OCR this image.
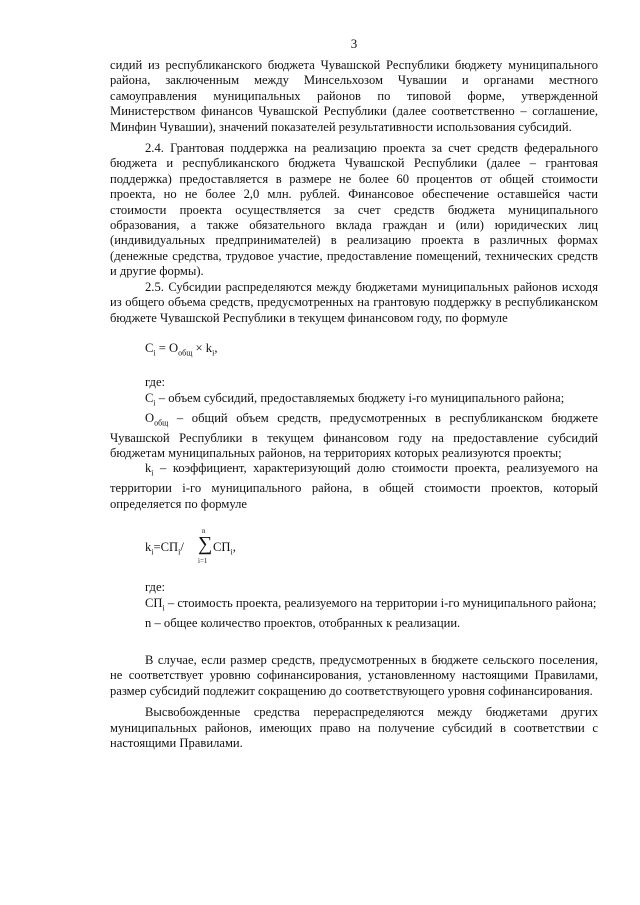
3

сидий из республиканского бюджета Чувашской Республики бюджету муниципального района, заключенным между Минсельхозом Чувашии и органами местного самоуправления муниципальных районов по типовой форме, утвержденной Министерством финансов Чувашской Республики (далее соответственно – соглашение, Минфин Чувашии), значений показателей результативности использования субсидий.

2.4. Грантовая поддержка на реализацию проекта за счет средств федерального бюджета и республиканского бюджета Чувашской Республики (далее – грантовая поддержка) предоставляется в размере не более 60 процентов от общей стоимости проекта, но не более 2,0 млн. рублей. Финансовое обеспечение оставшейся части стоимости проекта осуществляется за счет средств бюджета муниципального образования, а также обязательного вклада граждан и (или) юридических лиц (индивидуальных предпринимателей) в реализацию проекта в различных формах (денежные средства, трудовое участие, предоставление помещений, технических средств и другие формы).

2.5. Субсидии распределяются между бюджетами муниципальных районов исходя из общего объема средств, предусмотренных на грантовую поддержку в республиканском бюджете Чувашской Республики в текущем финансовом году, по формуле

$C_i = O_{общ} \times k_i$,

где:

$C_i$ – объем субсидий, предоставляемых бюджету i-го муниципального района;

$O_{общ}$ – общий объем средств, предусмотренных в республиканском бюджете Чувашской Республики в текущем финансовом году на предоставление субсидий бюджетам муниципальных районов, на территориях которых реализуются проекты;

$k_i$ – коэффициент, характеризующий долю стоимости проекта, реализуемого на территории i-го муниципального района, в общей стоимости проектов, который определяется по формуле

$k_i=СП_i/$
n
∑
i=1
$СП_i$,

где:

$СП_i$ – стоимость проекта, реализуемого на территории i-го муниципального района;

n – общее количество проектов, отобранных к реализации.

В случае, если размер средств, предусмотренных в бюджете сельского поселения, не соответствует уровню софинансирования, установленному настоящими Правилами, размер субсидий подлежит сокращению до соответствующего уровня софинансирования.

Высвобожденные средства перераспределяются между бюджетами других муниципальных районов, имеющих право на получение субсидий в соответствии с настоящими Правилами.
